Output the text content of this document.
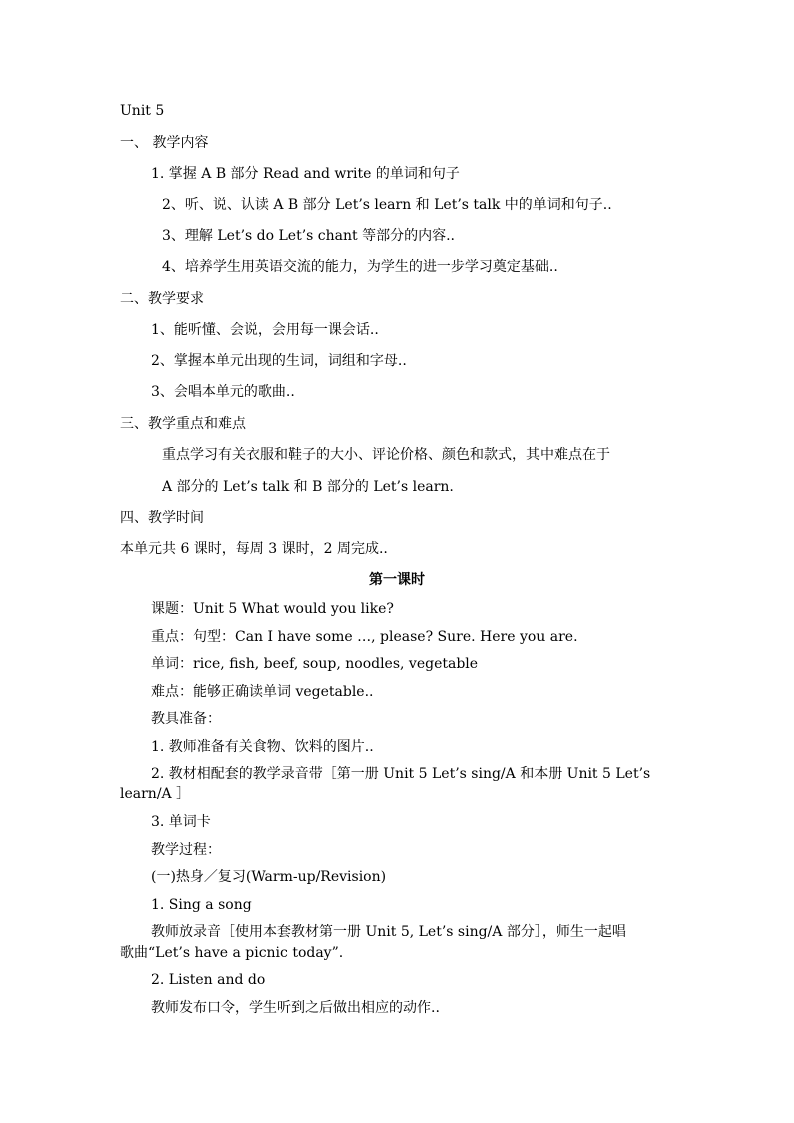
Unit 5
一、 教学内容
1. 掌握 A B 部分 Read and write 的单词和句子
2、听、说、认读 A B 部分 Let’s learn 和 Let’s talk 中的单词和句子..
3、理解 Let’s do Let’s chant 等部分的内容..
4、培养学生用英语交流的能力，为学生的进一步学习奠定基础..
二、教学要求
1、能听懂、会说，会用每一课会话..
2、掌握本单元出现的生词，词组和字母..
3、会唱本单元的歌曲..
三、教学重点和难点
重点学习有关衣服和鞋子的大小、评论价格、颜色和款式，其中难点在于
A 部分的 Let’s talk 和 B 部分的 Let’s learn.
四、教学时间
本单元共 6 课时，每周 3 课时，2 周完成..
第一课时
课题：Unit 5 What would you like?
重点：句型：Can I have some …, please? Sure. Here you are.
单词：rice, fish, beef, soup, noodles, vegetable
难点：能够正确读单词 vegetable..
教具准备：
1. 教师准备有关食物、饮料的图片..
2. 教材相配套的教学录音带［第一册 Unit 5 Let’s sing/A 和本册 Unit 5 Let’s
learn/A ］
3. 单词卡
教学过程：
(一)热身／复习(Warm-up/Revision)
1. Sing a song
教师放录音［使用本套教材第一册 Unit 5, Let’s sing/A 部分］，师生一起唱
歌曲“Let’s have a picnic today”.
2. Listen and do
教师发布口令，学生听到之后做出相应的动作..
